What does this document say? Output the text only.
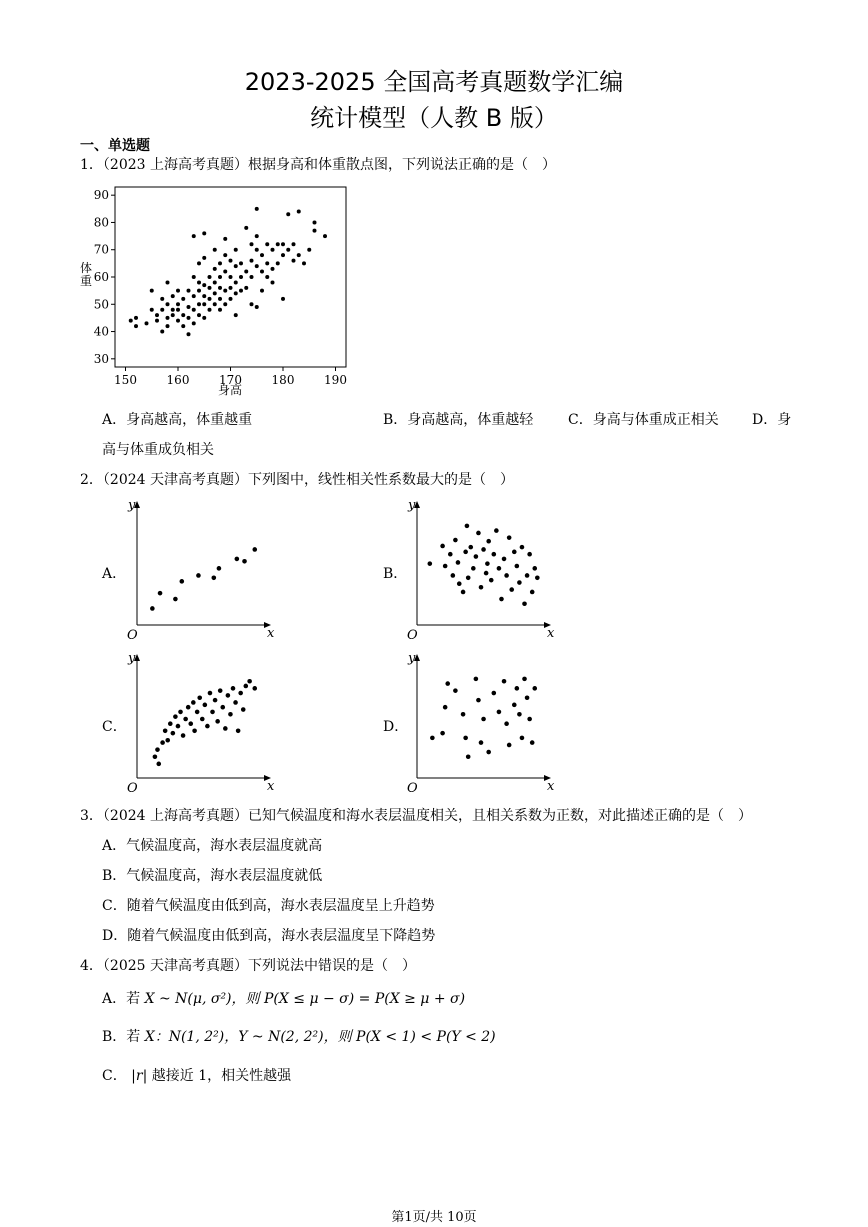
2023-2025 全国高考真题数学汇编
统计模型（人教 B 版）
一、单选题
1．（2023 上海高考真题）根据身高和体重散点图，下列说法正确的是（　）
30
40
50
60
70
80
90
150 160 170 180 190
体
重
身高
A．身高越高，体重越重	B．身高越高，体重越轻 C．身高与体重成正相关 D．身
高与体重成负相关
2．（2024 天津高考真题）下列图中，线性相关性系数最大的是（　）
A．	B．
C．	D．
y
x
O
y
x
O
y
x
O
y
x
O
3．（2024 上海高考真题）已知气候温度和海水表层温度相关，且相关系数为正数，对此描述正确的是（　）
A．气候温度高，海水表层温度就高
B．气候温度高，海水表层温度就低
C．随着气候温度由低到高，海水表层温度呈上升趋势
D．随着气候温度由低到高，海水表层温度呈下降趋势
4．（2025 天津高考真题）下列说法中错误的是（　）
A．若 X ~ N(μ, σ²)，则 P(X ≤ μ − σ) = P(X ≥ μ + σ)
B．若 X：N(1, 2²)，Y ~ N(2, 2²)，则 P(X < 1) < P(Y < 2)
C． |r| 越接近 1，相关性越强
第1页/共 10页
